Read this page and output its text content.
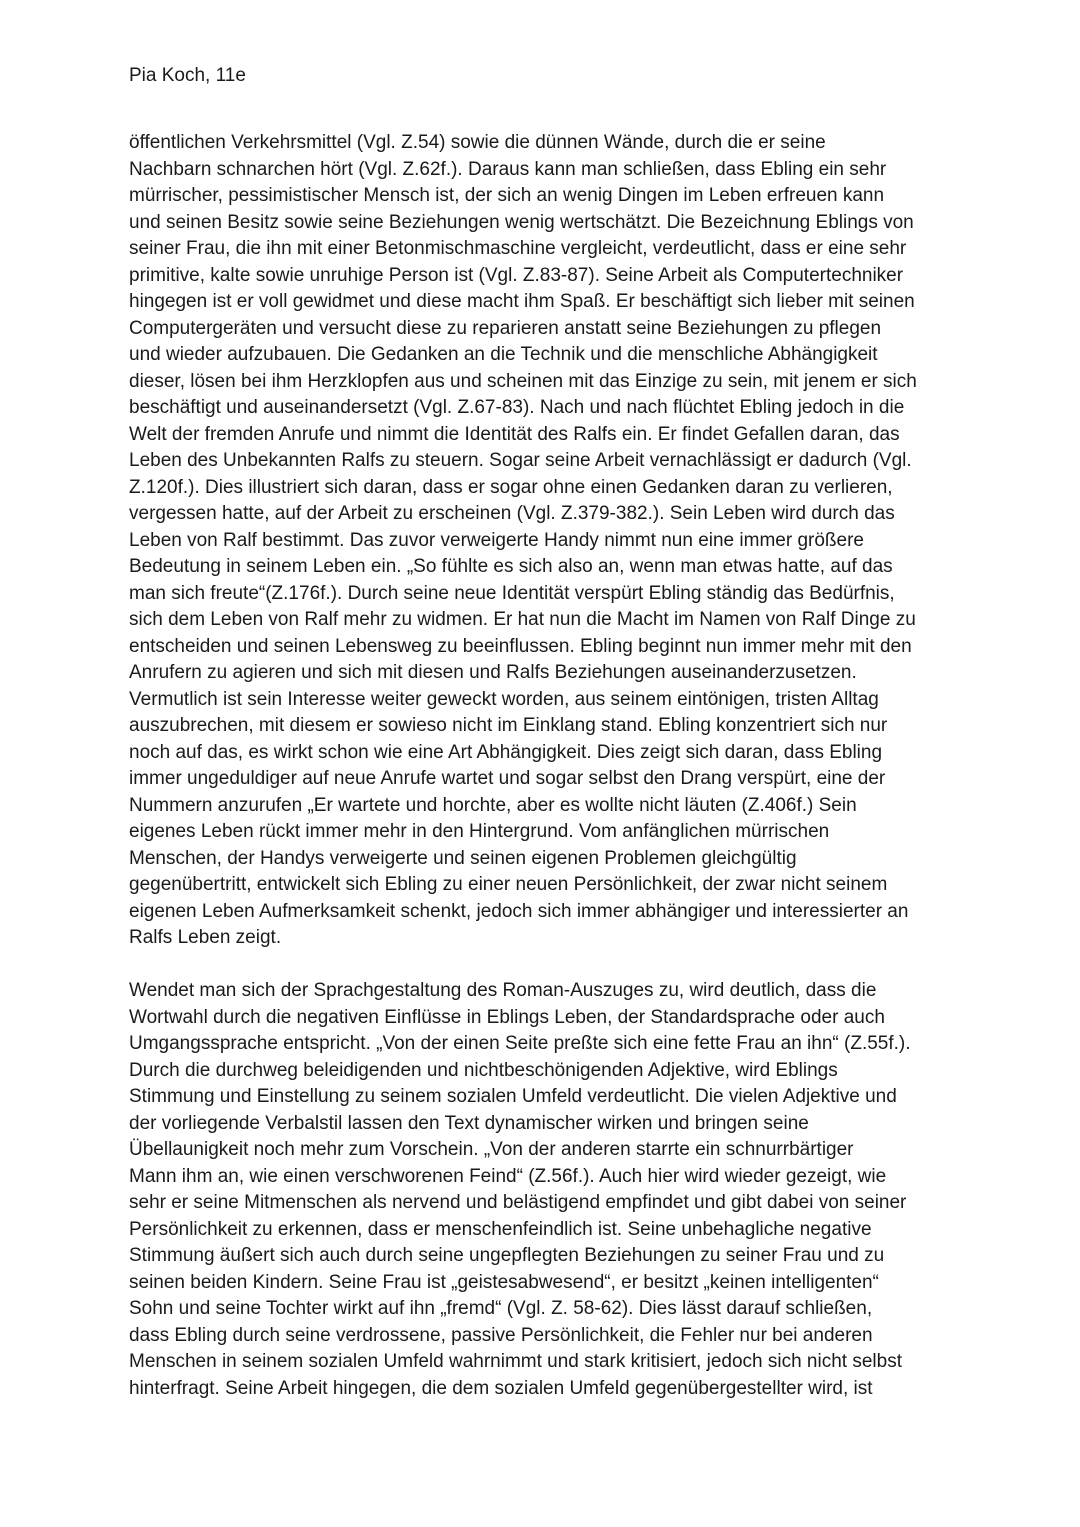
Pia Koch, 11e
öffentlichen Verkehrsmittel (Vgl. Z.54) sowie die dünnen Wände, durch die er seine
Nachbarn schnarchen hört (Vgl. Z.62f.). Daraus kann man schließen, dass Ebling ein sehr
mürrischer, pessimistischer Mensch ist, der sich an wenig Dingen im Leben erfreuen kann
und seinen Besitz sowie seine Beziehungen wenig wertschätzt. Die Bezeichnung Eblings von
seiner Frau, die ihn mit einer Betonmischmaschine vergleicht, verdeutlicht, dass er eine sehr
primitive, kalte sowie unruhige Person ist (Vgl. Z.83-87). Seine Arbeit als Computertechniker
hingegen ist er voll gewidmet und diese macht ihm Spaß. Er beschäftigt sich lieber mit seinen
Computergeräten und versucht diese zu reparieren anstatt seine Beziehungen zu pflegen
und wieder aufzubauen. Die Gedanken an die Technik und die menschliche Abhängigkeit
dieser, lösen bei ihm Herzklopfen aus und scheinen mit das Einzige zu sein, mit jenem er sich
beschäftigt und auseinandersetzt (Vgl. Z.67-83). Nach und nach flüchtet Ebling jedoch in die
Welt der fremden Anrufe und nimmt die Identität des Ralfs ein. Er findet Gefallen daran, das
Leben des Unbekannten Ralfs zu steuern. Sogar seine Arbeit vernachlässigt er dadurch (Vgl.
Z.120f.). Dies illustriert sich daran, dass er sogar ohne einen Gedanken daran zu verlieren,
vergessen hatte, auf der Arbeit zu erscheinen (Vgl. Z.379-382.). Sein Leben wird durch das
Leben von Ralf bestimmt. Das zuvor verweigerte Handy nimmt nun eine immer größere
Bedeutung in seinem Leben ein. „So fühlte es sich also an, wenn man etwas hatte, auf das
man sich freute“(Z.176f.). Durch seine neue Identität verspürt Ebling ständig das Bedürfnis,
sich dem Leben von Ralf mehr zu widmen. Er hat nun die Macht im Namen von Ralf Dinge zu
entscheiden und seinen Lebensweg zu beeinflussen. Ebling beginnt nun immer mehr mit den
Anrufern zu agieren und sich mit diesen und Ralfs Beziehungen auseinanderzusetzen.
Vermutlich ist sein Interesse weiter geweckt worden, aus seinem eintönigen, tristen Alltag
auszubrechen, mit diesem er sowieso nicht im Einklang stand. Ebling konzentriert sich nur
noch auf das, es wirkt schon wie eine Art Abhängigkeit. Dies zeigt sich daran, dass Ebling
immer ungeduldiger auf neue Anrufe wartet und sogar selbst den Drang verspürt, eine der
Nummern anzurufen „Er wartete und horchte, aber es wollte nicht läuten (Z.406f.) Sein
eigenes Leben rückt immer mehr in den Hintergrund. Vom anfänglichen mürrischen
Menschen, der Handys verweigerte und seinen eigenen Problemen gleichgültig
gegenübertritt, entwickelt sich Ebling zu einer neuen Persönlichkeit, der zwar nicht seinem
eigenen Leben Aufmerksamkeit schenkt, jedoch sich immer abhängiger und interessierter an
Ralfs Leben zeigt.
Wendet man sich der Sprachgestaltung des Roman-Auszuges zu, wird deutlich, dass die
Wortwahl durch die negativen Einflüsse in Eblings Leben, der Standardsprache oder auch
Umgangssprache entspricht. „Von der einen Seite preßte sich eine fette Frau an ihn“ (Z.55f.).
Durch die durchweg beleidigenden und nichtbeschönigenden Adjektive, wird Eblings
Stimmung und Einstellung zu seinem sozialen Umfeld verdeutlicht. Die vielen Adjektive und
der vorliegende Verbalstil lassen den Text dynamischer wirken und bringen seine
Übellaunigkeit noch mehr zum Vorschein. „Von der anderen starrte ein schnurrbärtiger
Mann ihm an, wie einen verschworenen Feind“ (Z.56f.). Auch hier wird wieder gezeigt, wie
sehr er seine Mitmenschen als nervend und belästigend empfindet und gibt dabei von seiner
Persönlichkeit zu erkennen, dass er menschenfeindlich ist. Seine unbehagliche negative
Stimmung äußert sich auch durch seine ungepflegten Beziehungen zu seiner Frau und zu
seinen beiden Kindern. Seine Frau ist „geistesabwesend“, er besitzt „keinen intelligenten“
Sohn und seine Tochter wirkt auf ihn „fremd“ (Vgl. Z. 58-62). Dies lässt darauf schließen,
dass Ebling durch seine verdrossene, passive Persönlichkeit, die Fehler nur bei anderen
Menschen in seinem sozialen Umfeld wahrnimmt und stark kritisiert, jedoch sich nicht selbst
hinterfragt. Seine Arbeit hingegen, die dem sozialen Umfeld gegenübergestellter wird, ist
